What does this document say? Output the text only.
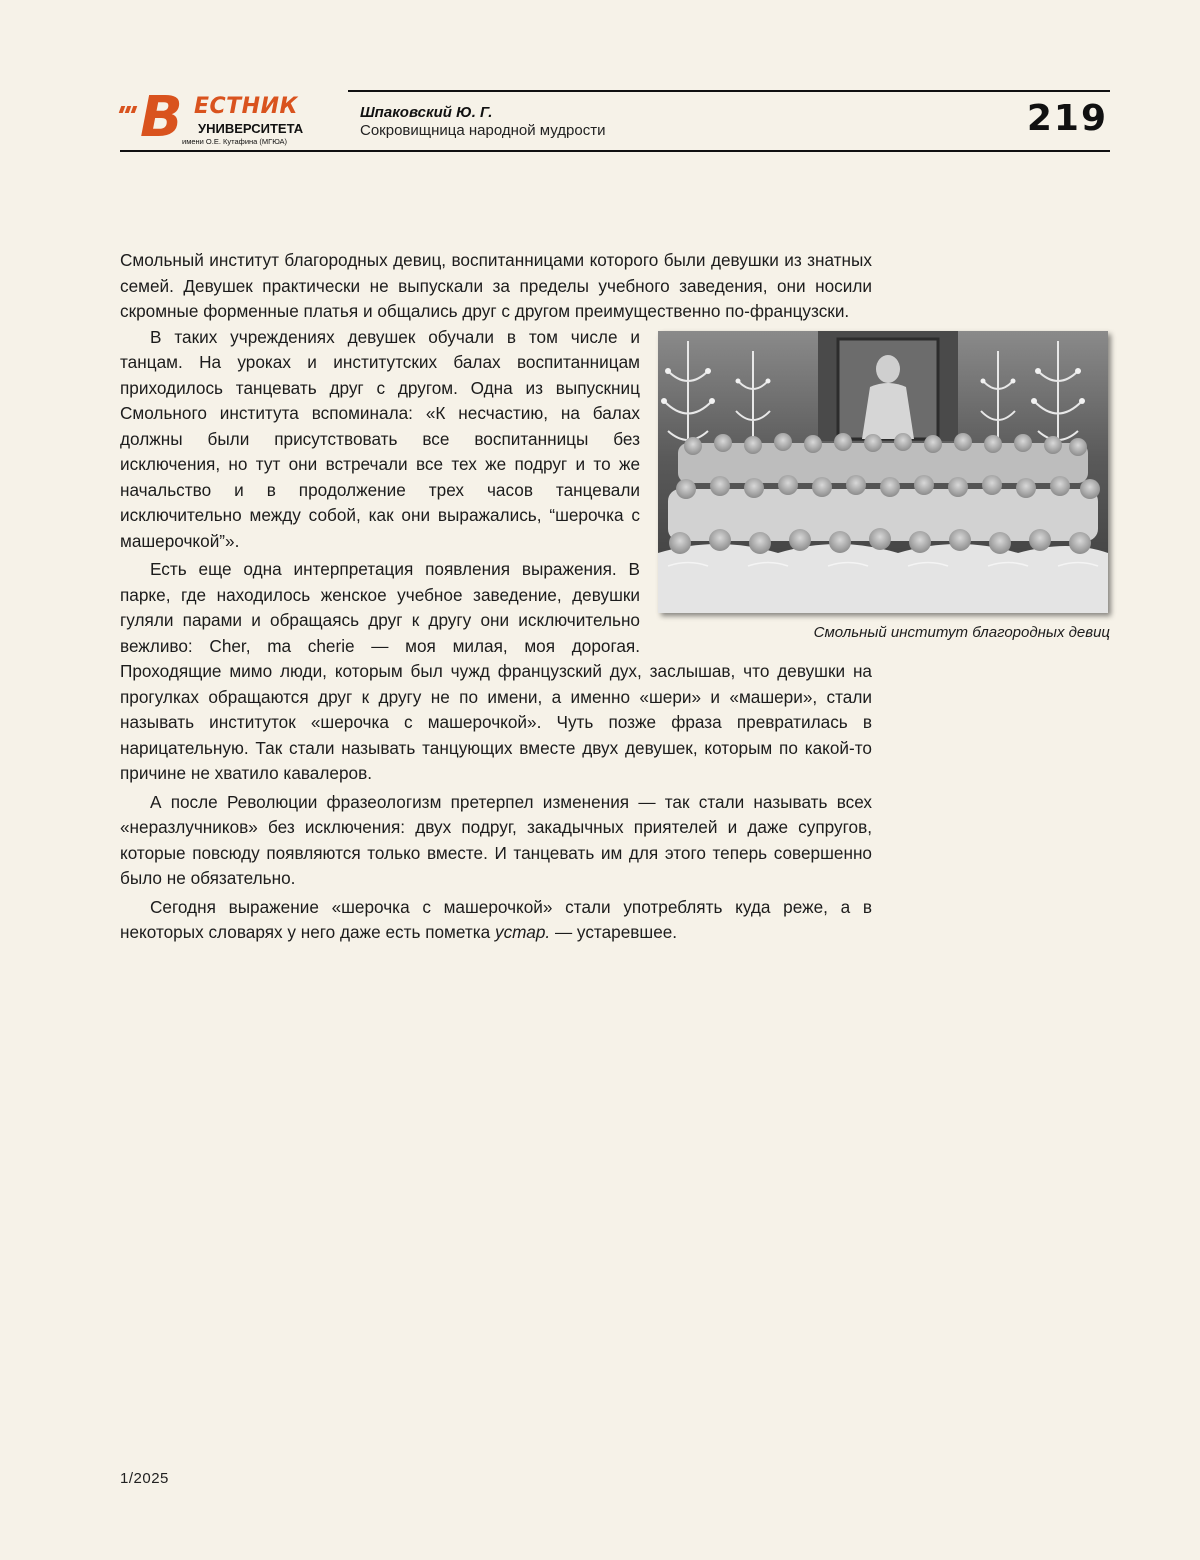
В ЕСТНИК
УНИВЕРСИТЕТА
имени О.Е. Кутафина (МГЮА)
Шпаковский Ю. Г.
Сокровищница народной мудрости	219

Смольный институт благородных девиц, воспитанницами которого были девушки из знатных семей. Девушек практически не выпускали за пределы учебного заведения, они носили скромные форменные платья и общались друг с другом преимущественно по-французски.

Смольный институт благородных девиц

В таких учреждениях девушек обучали в том числе и танцам. На уроках и институтских балах воспитанницам приходилось танцевать друг с другом. Одна из выпускниц Смольного института вспоминала: «К несчастию, на балах должны были присутствовать все воспитанницы без исключения, но тут они встречали все тех же подруг и то же начальство и в продолжение трех часов танцевали исключительно между собой, как они выражались, “шерочка с машерочкой”».

Есть еще одна интерпретация появления выражения. В парке, где находилось женское учебное заведение, девушки гуляли парами и обращаясь друг к другу они исключительно вежливо: Cher, ma cherie — моя милая, моя дорогая. Проходящие мимо люди, которым был чужд французский дух, заслышав, что девушки на прогулках обращаются друг к другу не по имени, а именно «шери» и «машери», стали называть институток «шерочка с машерочкой». Чуть позже фраза превратилась в нарицательную. Так стали называть танцующих вместе двух девушек, которым по какой-то причине не хватило кавалеров.

А после Революции фразеологизм претерпел изменения — так стали называть всех «неразлучников» без исключения: двух подруг, закадычных приятелей и даже супругов, которые повсюду появляются только вместе. И танцевать им для этого теперь совершенно было не обязательно.

Сегодня выражение «шерочка с машерочкой» стали употреблять куда реже, а в некоторых словарях у него даже есть пометка устар. — устаревшее.

1/2025
